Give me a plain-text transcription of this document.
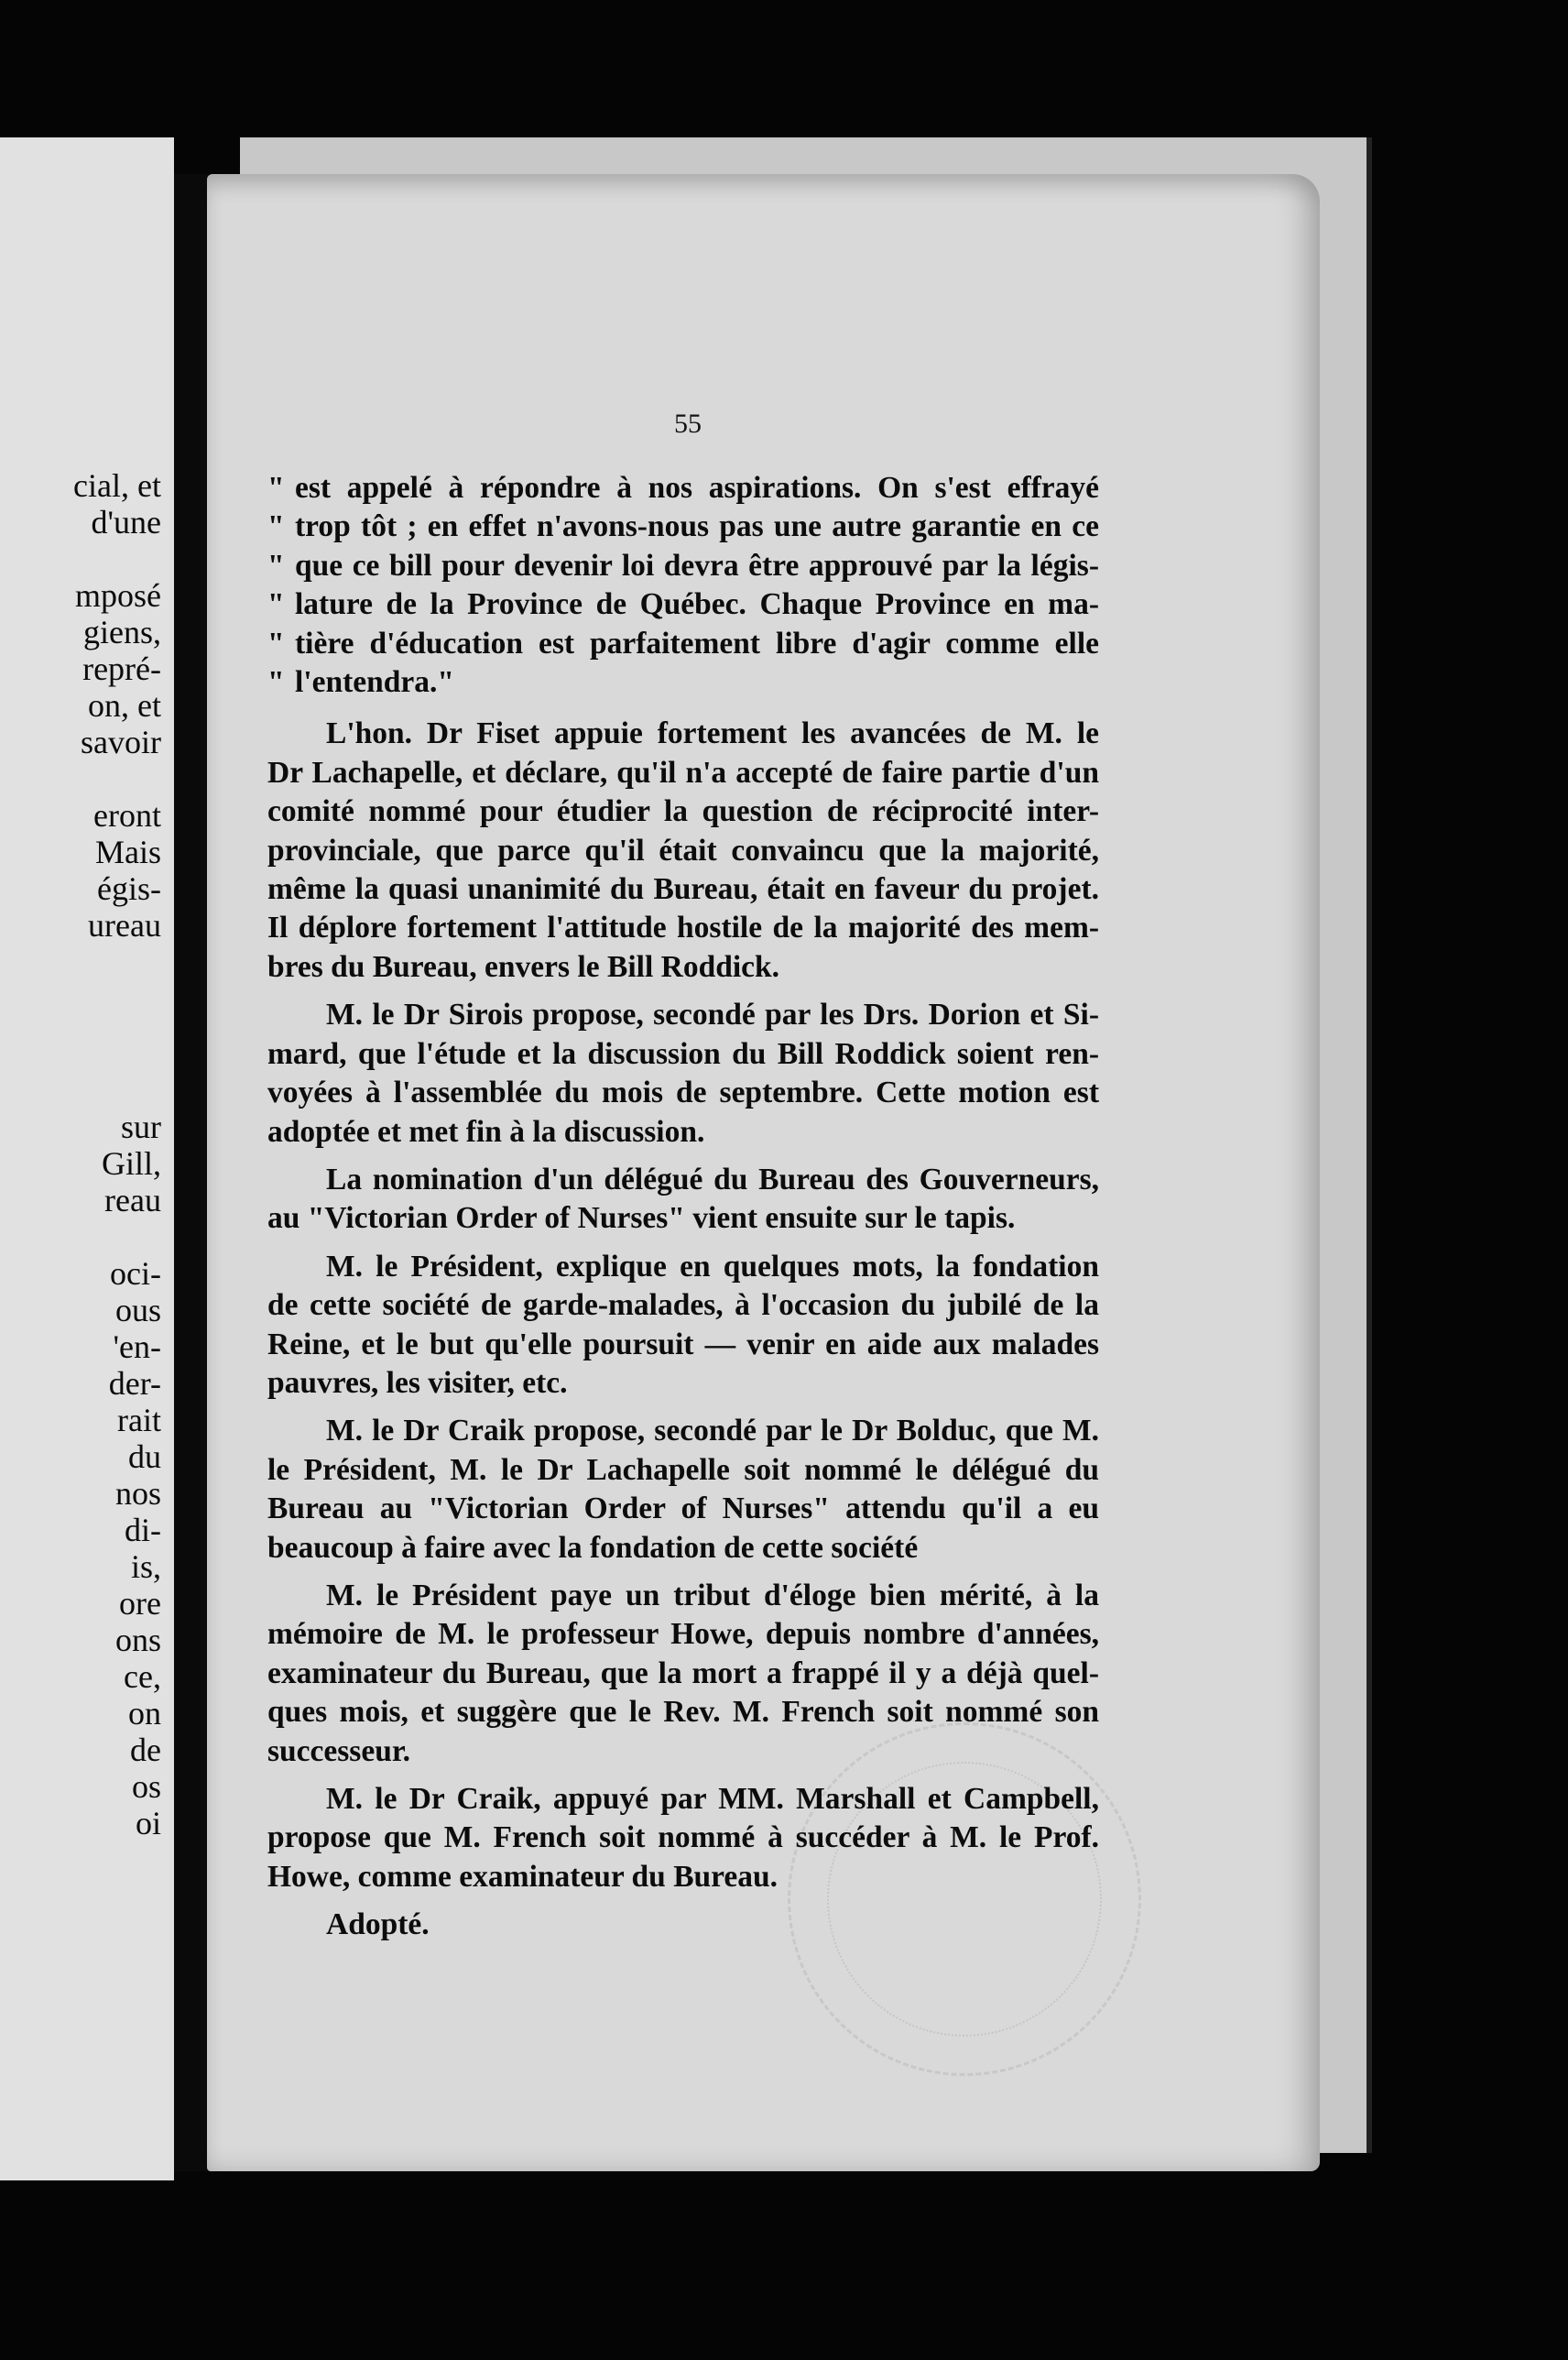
cial, et
d'une
mposé
giens,
repré-
on, et
savoir
eront
Mais
égis-
ureau
sur
Gill,
reau
oci-
ous
'en-
der-
rait
du
nos
di-
is,
ore
ons
ce,
on
de
os
oi
55
" est appelé à répondre à nos aspirations. On s'est effrayé
" trop tôt ; en effet n'avons-nous pas une autre garantie en ce
" que ce bill pour devenir loi devra être approuvé par la légis-
" lature de la Province de Québec. Chaque Province en ma-
" tière d'éducation est parfaitement libre d'agir comme elle
" l'entendra."
L'hon. Dr Fiset appuie fortement les avancées de M. le
Dr Lachapelle, et déclare, qu'il n'a accepté de faire partie d'un
comité nommé pour étudier la question de réciprocité inter-
provinciale, que parce qu'il était convaincu que la majorité,
même la quasi unanimité du Bureau, était en faveur du projet.
Il déplore fortement l'attitude hostile de la majorité des mem-
bres du Bureau, envers le Bill Roddick.
M. le Dr Sirois propose, secondé par les Drs. Dorion et Si-
mard, que l'étude et la discussion du Bill Roddick soient ren-
voyées à l'assemblée du mois de septembre. Cette motion est
adoptée et met fin à la discussion.
La nomination d'un délégué du Bureau des Gouverneurs,
au "Victorian Order of Nurses" vient ensuite sur le tapis.
M. le Président, explique en quelques mots, la fondation
de cette société de garde-malades, à l'occasion du jubilé de la
Reine, et le but qu'elle poursuit — venir en aide aux malades
pauvres, les visiter, etc.
M. le Dr Craik propose, secondé par le Dr Bolduc, que M.
le Président, M. le Dr Lachapelle soit nommé le délégué du
Bureau au "Victorian Order of Nurses" attendu qu'il a eu
beaucoup à faire avec la fondation de cette société
M. le Président paye un tribut d'éloge bien mérité, à la
mémoire de M. le professeur Howe, depuis nombre d'années,
examinateur du Bureau, que la mort a frappé il y a déjà quel-
ques mois, et suggère que le Rev. M. French soit nommé son
successeur.
M. le Dr Craik, appuyé par MM. Marshall et Campbell,
propose que M. French soit nommé à succéder à M. le Prof.
Howe, comme examinateur du Bureau.
Adopté.
